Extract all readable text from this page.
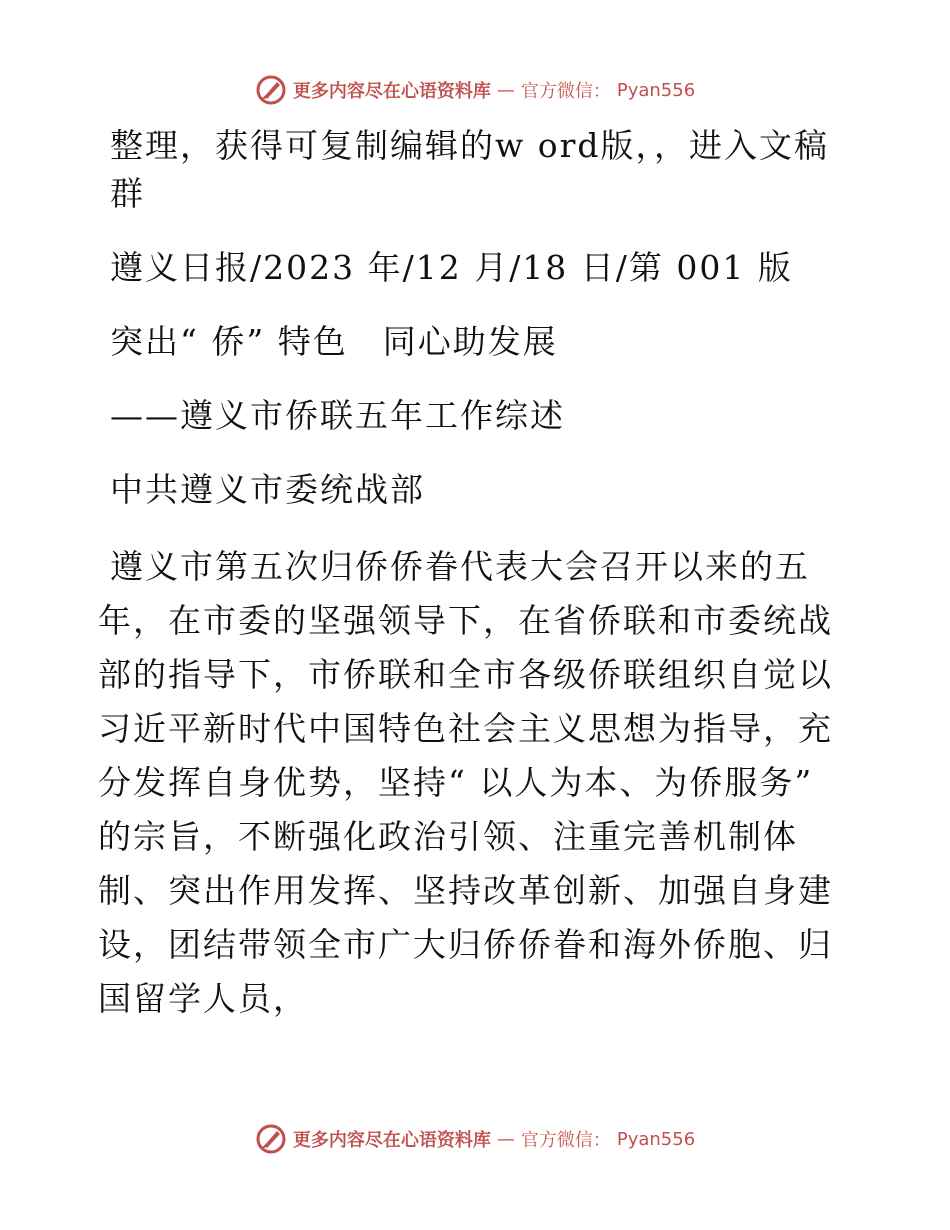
更多内容尽在心语资料库 — 官方微信： Pyan556

整理，获得可复制编辑的w ord版，，进入文稿群

遵义日报/2023 年/12 月/18 日/第 001 版

突出“ 侨” 特色　同心助发展

——遵义市侨联五年工作综述

中共遵义市委统战部

遵义市第五次归侨侨眷代表大会召开以来的五年，在市委的坚强领导下，在省侨联和市委统战部的指导下，市侨联和全市各级侨联组织自觉以习近平新时代中国特色社会主义思想为指导，充分发挥自身优势，坚持“ 以人为本、为侨服务” 的宗旨，不断强化政治引领、注重完善机制体制、突出作用发挥、坚持改革创新、加强自身建设，团结带领全市广大归侨侨眷和海外侨胞、归国留学人员，

更多内容尽在心语资料库 — 官方微信： Pyan556
